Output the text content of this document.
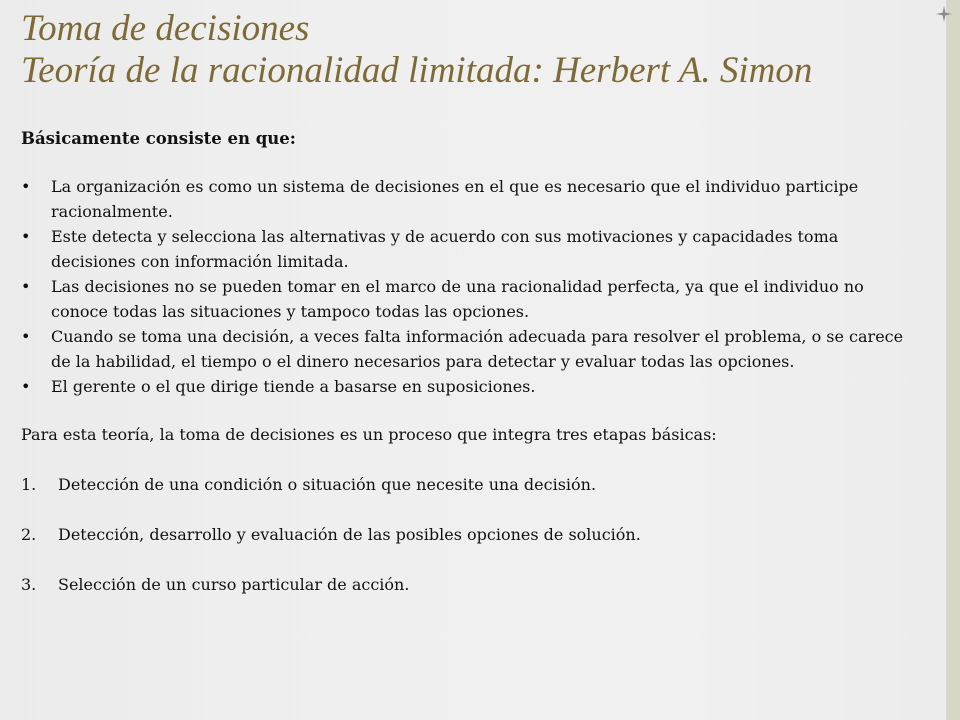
Toma de decisiones
Teoría de la racionalidad limitada: Herbert A. Simon
Básicamente consiste en que:
• La organización es como un sistema de decisiones en el que es necesario que el individuo participe racionalmente.
• Este detecta y selecciona las alternativas y de acuerdo con sus motivaciones y capacidades toma decisiones con información limitada.
• Las decisiones no se pueden tomar en el marco de una racionalidad perfecta, ya que el individuo no conoce todas las situaciones y tampoco todas las opciones.
• Cuando se toma una decisión, a veces falta información adecuada para resolver el problema, o se carece de la habilidad, el tiempo o el dinero necesarios para detectar y evaluar todas las opciones.
• El gerente o el que dirige tiende a basarse en suposiciones.
Para esta teoría, la toma de decisiones es un proceso que integra tres etapas básicas:
1.	Detección de una condición o situación que necesite una decisión.
2.	Detección, desarrollo y evaluación de las posibles opciones de solución.
3.	Selección de un curso particular de acción.
